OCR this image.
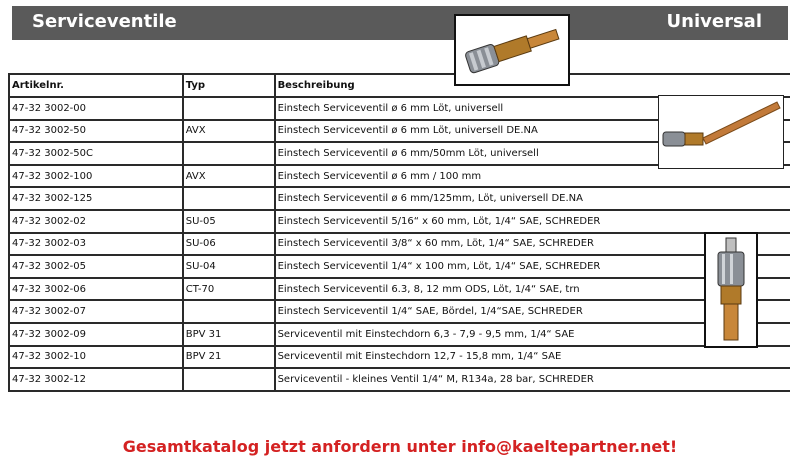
Serviceventile	Universal
Artikelnr.	Typ	Beschreibung
47-32 3002-00		Einstech Serviceventil ø 6 mm Löt, universell
47-32 3002-50	AVX	Einstech Serviceventil ø 6 mm Löt, universell DE.NA
47-32 3002-50C		Einstech Serviceventil ø 6 mm/50mm Löt, universell
47-32 3002-100	AVX	Einstech Serviceventil ø 6 mm / 100 mm
47-32 3002-125		Einstech Serviceventil ø 6 mm/125mm, Löt, universell DE.NA
47-32 3002-02	SU-05	Einstech Serviceventil 5/16“ x 60 mm, Löt, 1/4“ SAE, SCHREDER
47-32 3002-03	SU-06	Einstech Serviceventil 3/8“ x 60 mm, Löt, 1/4“ SAE, SCHREDER
47-32 3002-05	SU-04	Einstech Serviceventil 1/4“ x 100 mm, Löt, 1/4“ SAE, SCHREDER
47-32 3002-06	CT-70	Einstech Serviceventil 6.3, 8, 12 mm ODS, Löt, 1/4“ SAE, trn
47-32 3002-07		Einstech Serviceventil 1/4“ SAE, Bördel, 1/4“SAE, SCHREDER
47-32 3002-09	BPV 31	Serviceventil mit Einstechdorn 6,3 - 7,9 - 9,5 mm, 1/4“ SAE
47-32 3002-10	BPV 21	Serviceventil mit Einstechdorn 12,7 - 15,8 mm, 1/4“ SAE
47-32 3002-12		Serviceventil - kleines Ventil 1/4“ M, R134a, 28 bar, SCHREDER
Gesamtkatalog jetzt anfordern unter info@kaeltepartner.net!
